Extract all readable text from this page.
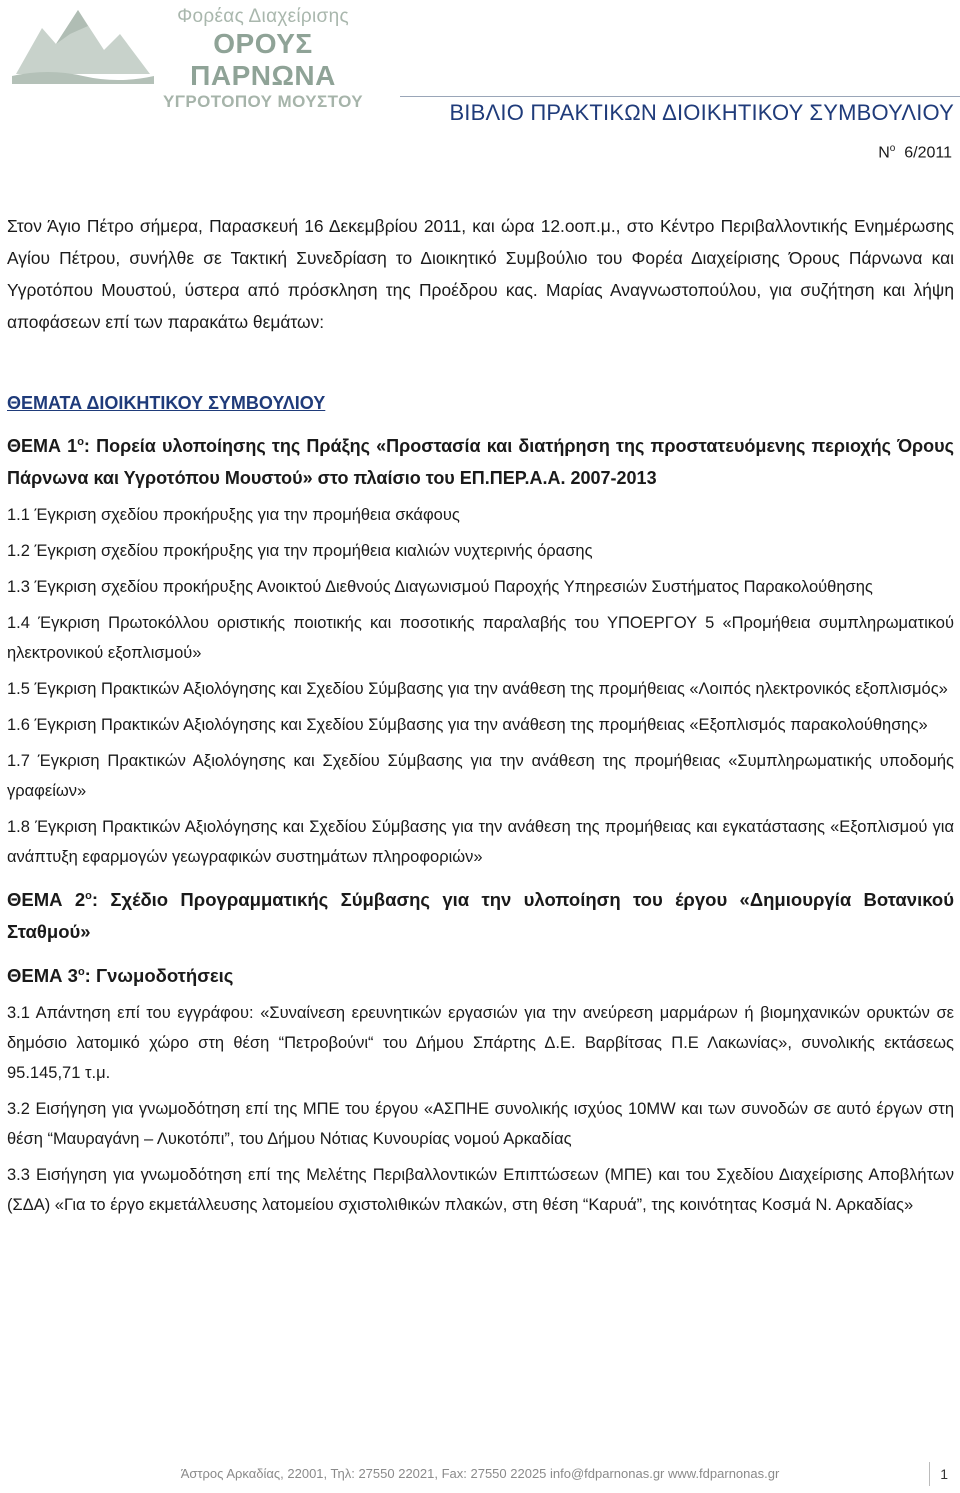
Φορέας Διαχείρισης
ΟΡΟΥΣ ΠΑΡΝΩΝΑ
ΥΓΡΟΤΟΠΟΥ ΜΟΥΣΤΟΥ	ΒΙΒΛΙΟ ΠΡΑΚΤΙΚΩΝ ΔΙΟΙΚΗΤΙΚΟΥ ΣΥΜΒΟΥΛΙΟΥ
$N^o$ 6/2011

Στον Άγιο Πέτρο σήμερα, Παρασκευή 16 Δεκεμβρίου 2011, και ώρα 12.οοπ.μ., στο Κέντρο Περιβαλλοντικής Ενημέρωσης Αγίου Πέτρου, συνήλθε σε Τακτική Συνεδρίαση το Διοικητικό Συμβούλιο του Φορέα Διαχείρισης Όρους Πάρνωνα και Υγροτόπου Μουστού, ύστερα από πρόσκληση της Προέδρου κας. Μαρίας Αναγνωστοπούλου, για συζήτηση και λήψη αποφάσεων επί των παρακάτω θεμάτων:

ΘΕΜΑΤΑ ΔΙΟΙΚΗΤΙΚΟΥ ΣΥΜΒΟΥΛΙΟΥ

ΘΕΜΑ $1^o$: Πορεία υλοποίησης της Πράξης «Προστασία και διατήρηση της προστατευόμενης περιοχής Όρους Πάρνωνα και Υγροτόπου Μουστού» στο πλαίσιο του ΕΠ.ΠΕΡ.Α.Α. 2007-2013

1.1 Έγκριση σχεδίου προκήρυξης για την προμήθεια σκάφους

1.2 Έγκριση σχεδίου προκήρυξης για την προμήθεια κιαλιών νυχτερινής όρασης

1.3 Έγκριση σχεδίου προκήρυξης Ανοικτού Διεθνούς Διαγωνισμού Παροχής Υπηρεσιών Συστήματος Παρακολούθησης

1.4 Έγκριση Πρωτοκόλλου οριστικής ποιοτικής και ποσοτικής παραλαβής του ΥΠΟΕΡΓΟΥ 5 «Προμήθεια συμπληρωματικού ηλεκτρονικού εξοπλισμού»

1.5 Έγκριση Πρακτικών Αξιολόγησης και Σχεδίου Σύμβασης για την ανάθεση της προμήθειας «Λοιπός ηλεκτρονικός εξοπλισμός»

1.6 Έγκριση Πρακτικών Αξιολόγησης και Σχεδίου Σύμβασης για την ανάθεση της προμήθειας «Εξοπλισμός παρακολούθησης»

1.7 Έγκριση Πρακτικών Αξιολόγησης και Σχεδίου Σύμβασης για την ανάθεση της προμήθειας «Συμπληρωματικής υποδομής γραφείων»

1.8 Έγκριση Πρακτικών Αξιολόγησης και Σχεδίου Σύμβασης για την ανάθεση της προμήθειας και εγκατάστασης «Εξοπλισμού για ανάπτυξη εφαρμογών γεωγραφικών συστημάτων πληροφοριών»

ΘΕΜΑ $2^o$: Σχέδιο Προγραμματικής Σύμβασης για την υλοποίηση του έργου «Δημιουργία Βοτανικού Σταθμού»

ΘΕΜΑ $3^o$: Γνωμοδοτήσεις

3.1 Απάντηση επί του εγγράφου: «Συναίνεση ερευνητικών εργασιών για την ανεύρεση μαρμάρων ή βιομηχανικών ορυκτών σε δημόσιο λατομικό χώρο στη θέση “Πετροβούνι“ του Δήμου Σπάρτης Δ.Ε. Βαρβίτσας Π.Ε Λακωνίας», συνολικής εκτάσεως 95.145,71 τ.μ.

3.2 Εισήγηση για γνωμοδότηση επί της ΜΠΕ του έργου «ΑΣΠΗΕ συνολικής ισχύος 10MW και των συνοδών σε αυτό έργων στη θέση “Μαυραγάνη – Λυκοτόπι”, του Δήμου Νότιας Κυνουρίας νομού Αρκαδίας

3.3 Εισήγηση για γνωμοδότηση επί της Μελέτης Περιβαλλοντικών Επιπτώσεων (ΜΠΕ) και του Σχεδίου Διαχείρισης Αποβλήτων (ΣΔΑ) «Για το έργο εκμετάλλευσης λατομείου σχιστολιθικών πλακών, στη θέση “Καρυά”, της κοινότητας Κοσμά Ν. Αρκαδίας»

Άστρος Αρκαδίας, 22001, Τηλ: 27550 22021, Fax: 27550 22025 info@fdparnonas.gr www.fdparnonas.gr	1
